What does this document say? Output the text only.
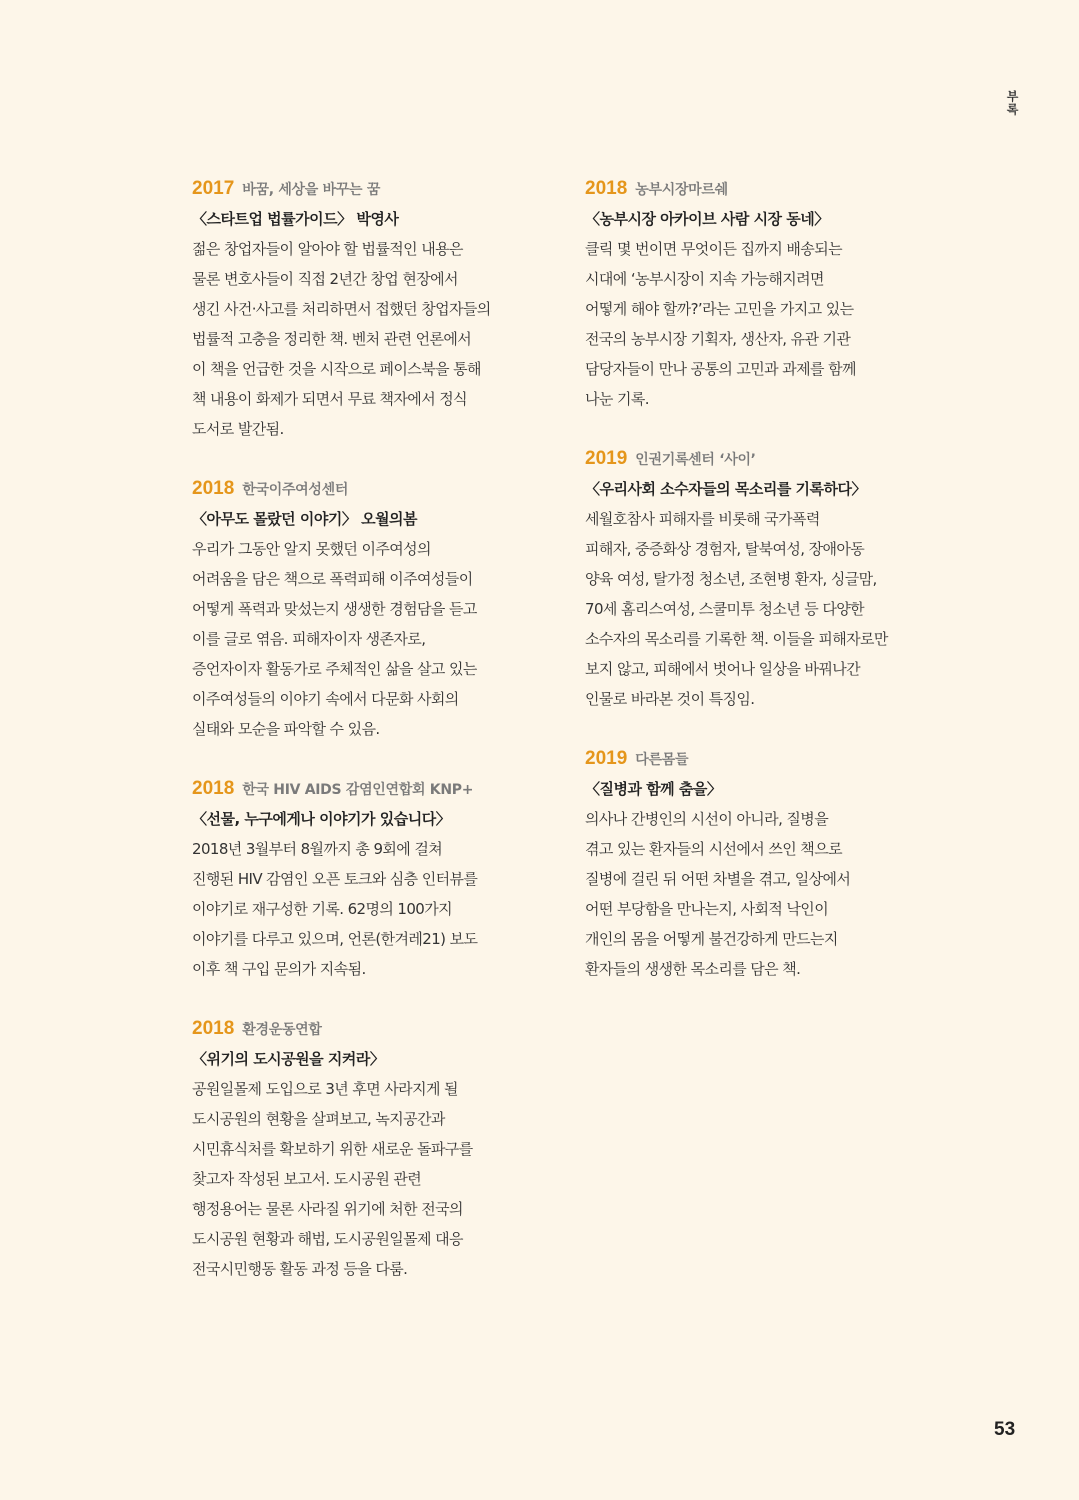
부록
2017 바꿈, 세상을 바꾸는 꿈
〈스타트업 법률가이드〉 박영사
젊은 창업자들이 알아야 할 법률적인 내용은
물론 변호사들이 직접 2년간 창업 현장에서
생긴 사건·사고를 처리하면서 접했던 창업자들의
법률적 고충을 정리한 책. 벤처 관련 언론에서
이 책을 언급한 것을 시작으로 페이스북을 통해
책 내용이 화제가 되면서 무료 책자에서 정식
도서로 발간됨.
2018 한국이주여성센터
〈아무도 몰랐던 이야기〉 오월의봄
우리가 그동안 알지 못했던 이주여성의
어려움을 담은 책으로 폭력피해 이주여성들이
어떻게 폭력과 맞섰는지 생생한 경험담을 듣고
이를 글로 엮음. 피해자이자 생존자로,
증언자이자 활동가로 주체적인 삶을 살고 있는
이주여성들의 이야기 속에서 다문화 사회의
실태와 모순을 파악할 수 있음.
2018 한국 HIV AIDS 감염인연합회 KNP+
〈선물, 누구에게나 이야기가 있습니다〉
2018년 3월부터 8월까지 총 9회에 걸쳐
진행된 HIV 감염인 오픈 토크와 심층 인터뷰를
이야기로 재구성한 기록. 62명의 100가지
이야기를 다루고 있으며, 언론(한겨레21) 보도
이후 책 구입 문의가 지속됨.
2018 환경운동연합
〈위기의 도시공원을 지켜라〉
공원일몰제 도입으로 3년 후면 사라지게 될
도시공원의 현황을 살펴보고, 녹지공간과
시민휴식처를 확보하기 위한 새로운 돌파구를
찾고자 작성된 보고서. 도시공원 관련
행정용어는 물론 사라질 위기에 처한 전국의
도시공원 현황과 해법, 도시공원일몰제 대응
전국시민행동 활동 과정 등을 다룸.
2018 농부시장마르쉐
〈농부시장 아카이브 사람 시장 동네〉
클릭 몇 번이면 무엇이든 집까지 배송되는
시대에 ‘농부시장이 지속 가능해지려면
어떻게 해야 할까?’라는 고민을 가지고 있는
전국의 농부시장 기획자, 생산자, 유관 기관
담당자들이 만나 공통의 고민과 과제를 함께
나눈 기록.
2019 인권기록센터 ‘사이’
〈우리사회 소수자들의 목소리를 기록하다〉
세월호참사 피해자를 비롯해 국가폭력
피해자, 중증화상 경험자, 탈북여성, 장애아동
양육 여성, 탈가정 청소년, 조현병 환자, 싱글맘,
70세 홈리스여성, 스쿨미투 청소년 등 다양한
소수자의 목소리를 기록한 책. 이들을 피해자로만
보지 않고, 피해에서 벗어나 일상을 바꿔나간
인물로 바라본 것이 특징임.
2019 다른몸들
〈질병과 함께 춤을〉
의사나 간병인의 시선이 아니라, 질병을
겪고 있는 환자들의 시선에서 쓰인 책으로
질병에 걸린 뒤 어떤 차별을 겪고, 일상에서
어떤 부당함을 만나는지, 사회적 낙인이
개인의 몸을 어떻게 불건강하게 만드는지
환자들의 생생한 목소리를 담은 책.
53
